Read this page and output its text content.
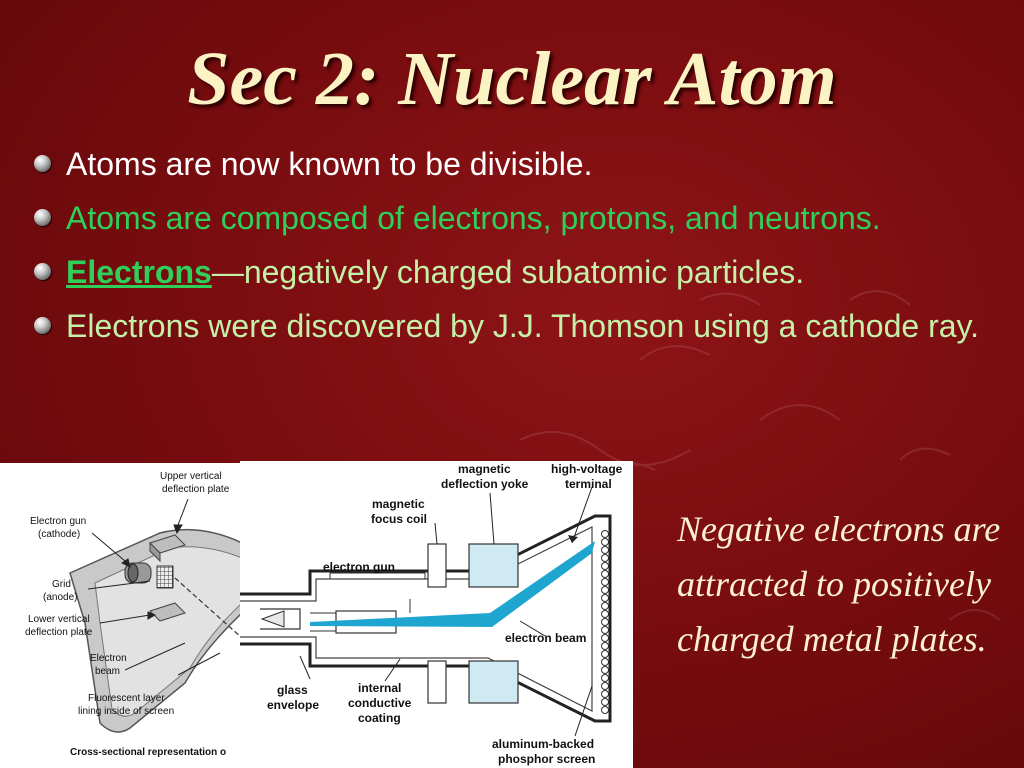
Sec 2: Nuclear Atom
Atoms are now known to be divisible.
Atoms are composed of electrons, protons, and neutrons.
Electrons—negatively charged subatomic particles.
Electrons were discovered by J.J. Thomson using a cathode ray.
Upper vertical
deflection plate
Electron gun
(cathode)
Grid
(anode)
Lower vertical
deflection plate
Electron
beam
Fluorescent layer
lining inside of screen
Cross-sectional representation o
magnetic
deflection yoke
high-voltage
terminal
magnetic
focus coil
electron gun
electron beam
glass
envelope
internal
conductive
coating
aluminum-backed
phosphor screen
Negative electrons are attracted to positively charged metal plates.
